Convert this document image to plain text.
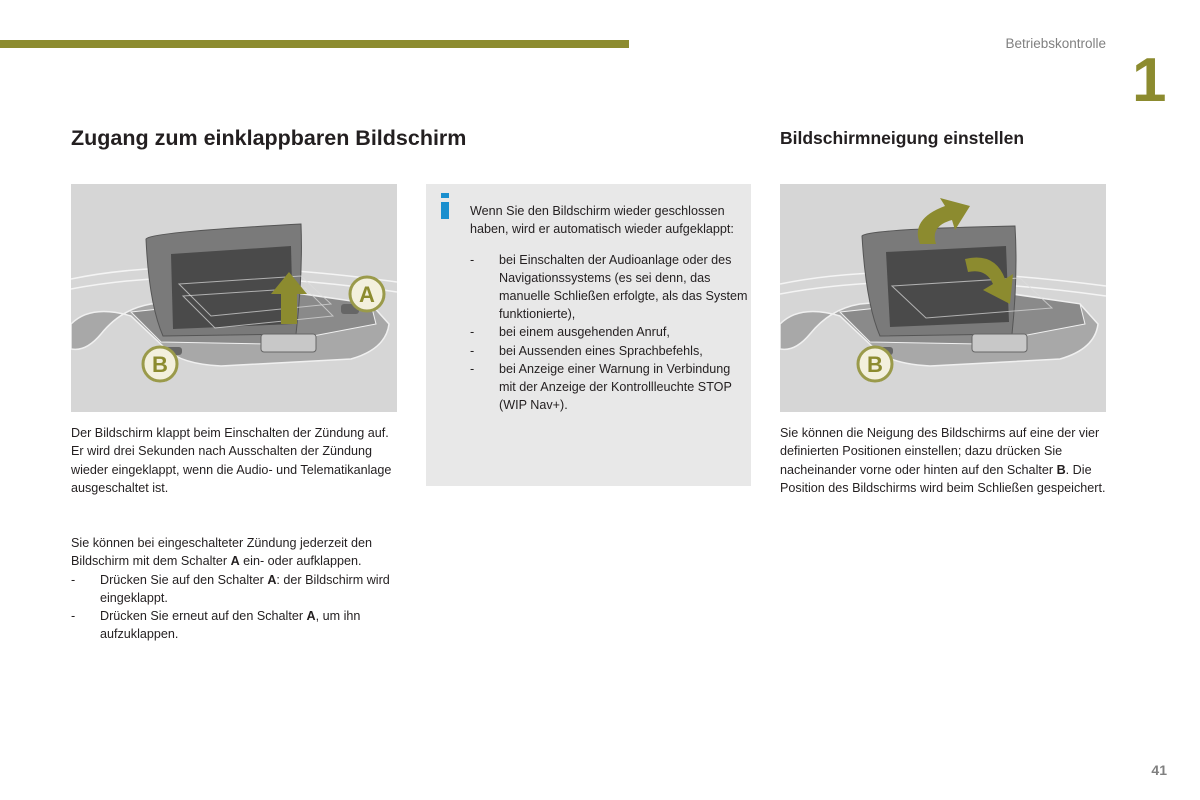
Betriebskontrolle
1
Zugang zum einklappbaren Bildschirm	Bildschirmneigung einstellen
A
B

Wenn Sie den Bildschirm wieder geschlossen haben, wird er automatisch wieder aufgeklappt:

- bei Einschalten der Audioanlage oder des Navigationssystems (es sei denn, das manuelle Schließen erfolgte, als das System funktionierte),
- bei einem ausgehenden Anruf,
- bei Aussenden eines Sprachbefehls,
- bei Anzeige einer Warnung in Verbindung mit der Anzeige der Kontrollleuchte STOP (WIP Nav+).
B

Der Bildschirm klappt beim Einschalten der Zündung auf. Er wird drei Sekunden nach Ausschalten der Zündung wieder eingeklappt, wenn die Audio- und Telematikanlage ausgeschaltet ist.

Sie können bei eingeschalteter Zündung jederzeit den Bildschirm mit dem Schalter A ein- oder aufklappen.

- Drücken Sie auf den Schalter A: der Bildschirm wird eingeklappt.
- Drücken Sie erneut auf den Schalter A, um ihn aufzuklappen.

Sie können die Neigung des Bildschirms auf eine der vier definierten Positionen einstellen; dazu drücken Sie nacheinander vorne oder hinten auf den Schalter B. Die Position des Bildschirms wird beim Schließen gespeichert.

41
